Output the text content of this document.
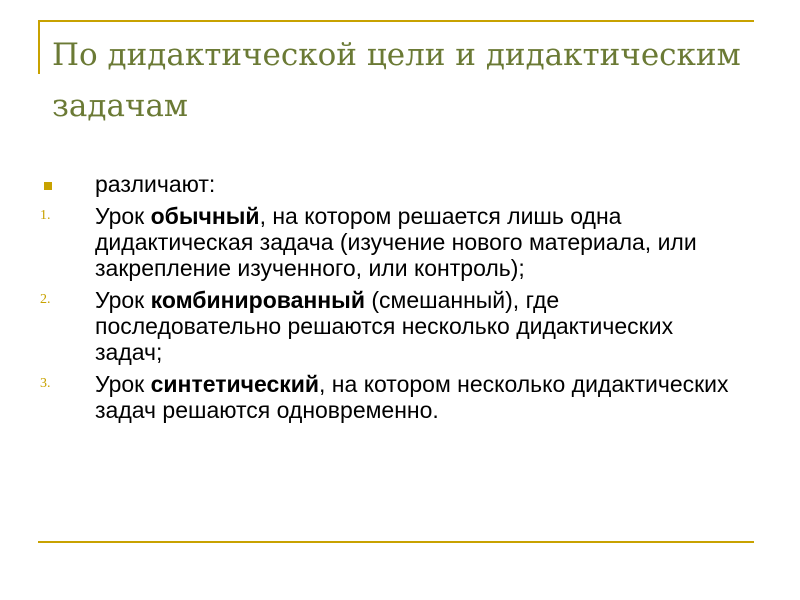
По дидактической цели и дидактическим задачам
различают:
1. Урок обычный, на котором решается лишь одна дидактическая задача (изучение нового материала, или закрепление изученного, или контроль);
2. Урок комбинированный (смешанный), где последовательно решаются несколько дидактических задач;
3. Урок синтетический, на котором несколько дидактических задач решаются одновременно.
